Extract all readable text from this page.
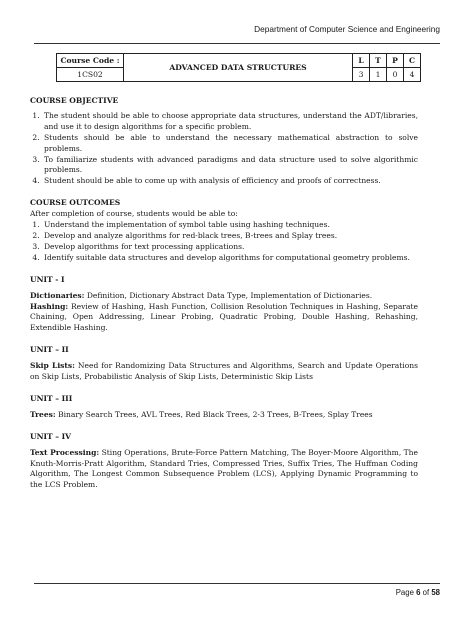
Department of Computer Science and Engineering
Course Code :	ADVANCED DATA STRUCTURES	L	T	P	C
1CS02		3	1	0	4
COURSE OBJECTIVE
1. The student should be able to choose appropriate data structures, understand the ADT/libraries, and use it to design algorithms for a specific problem.
2. Students should be able to understand the necessary mathematical abstraction to solve problems.
3. To familiarize students with advanced paradigms and data structure used to solve algorithmic problems.
4. Student should be able to come up with analysis of efficiency and proofs of correctness.
COURSE OUTCOMES

After completion of course, students would be able to:

1. Understand the implementation of symbol table using hashing techniques.
2. Develop and analyze algorithms for red-black trees, B-trees and Splay trees.
3. Develop algorithms for text processing applications.
4. Identify suitable data structures and develop algorithms for computational geometry problems.
UNIT - I

Dictionaries: Definition, Dictionary Abstract Data Type, Implementation of Dictionaries.

Hashing: Review of Hashing, Hash Function, Collision Resolution Techniques in Hashing, Separate Chaining, Open Addressing, Linear Probing, Quadratic Probing, Double Hashing, Rehashing, Extendible Hashing.

UNIT – II

Skip Lists: Need for Randomizing Data Structures and Algorithms, Search and Update Operations on Skip Lists, Probabilistic Analysis of Skip Lists, Deterministic Skip Lists

UNIT – III

Trees: Binary Search Trees, AVL Trees, Red Black Trees, 2-3 Trees, B-Trees, Splay Trees

UNIT – IV

Text Processing: Sting Operations, Brute-Force Pattern Matching, The Boyer-Moore Algorithm, The Knuth-Morris-Pratt Algorithm, Standard Tries, Compressed Tries, Suffix Tries, The Huffman Coding Algorithm, The Longest Common Subsequence Problem (LCS), Applying Dynamic Programming to the LCS Problem.

Page 6 of 58
